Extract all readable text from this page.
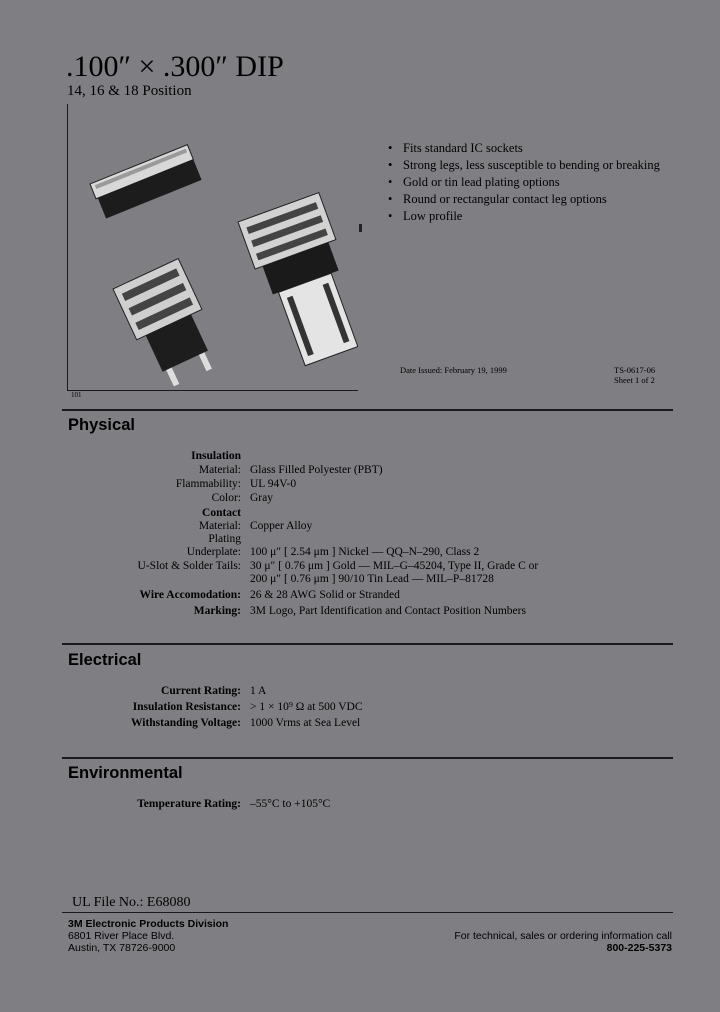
.100″ × .300″ DIP
14, 16 & 18 Position
101
• Fits standard IC sockets
• Strong legs, less susceptible to bending or breaking
• Gold or tin lead plating options
• Round or rectangular contact leg options
• Low profile
Date Issued: February 19, 1999	TS-0617-06
Sheet 1 of 2
Physical
Insulation
Material: Glass Filled Polyester (PBT)
Flammability: UL 94V-0
Color: Gray
Contact
Material: Copper Alloy
Plating
Underplate: 100 μ″ [ 2.54 μm ] Nickel — QQ–N–290, Class 2
U-Slot & Solder Tails: 30 μ″ [ 0.76 μm ] Gold — MIL–G–45204, Type II, Grade C or
200 μ″ [ 0.76 μm ] 90/10 Tin Lead — MIL–P–81728
Wire Accomodation: 26 & 28 AWG Solid or Stranded
Marking: 3M Logo, Part Identification and Contact Position Numbers
Electrical
Current Rating: 1 A
Insulation Resistance: > 1 × 10⁹ Ω at 500 VDC
Withstanding Voltage: 1000 Vrms at Sea Level
Environmental
Temperature Rating: –55°C to +105°C
UL File No.: E68080
3M Electronic Products Division
6801 River Place Blvd.
Austin, TX 78726-9000
For technical, sales or ordering information call
800-225-5373
